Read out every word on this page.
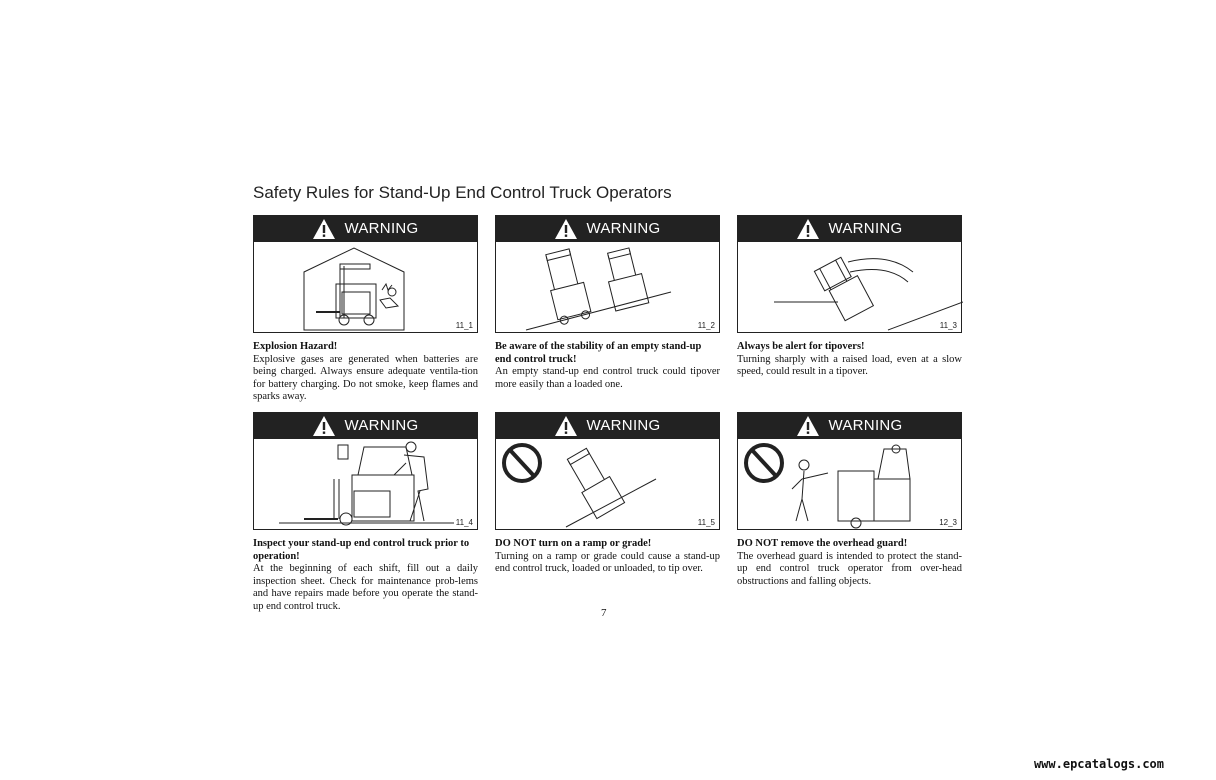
Safety Rules for Stand-Up End Control Truck Operators
WARNING
11_1
Explosion Hazard!
Explosive gases are generated when batteries are being charged. Always ensure adequate ventila-tion for battery charging. Do not smoke, keep flames and sparks away.
WARNING
11_2
Be aware of the stability of an empty stand-up end control truck!
An empty stand-up end control truck could tipover more easily than a loaded one.
WARNING
11_3
Always be alert for tipovers!
Turning sharply with a raised load, even at a slow speed, could result in a tipover.
WARNING
11_4
Inspect your stand-up end control truck prior to operation!
At the beginning of each shift, fill out a daily inspection sheet. Check for maintenance prob-lems and have repairs made before you operate the stand-up end control truck.
WARNING
11_5
DO NOT turn on a ramp or grade!
Turning on a ramp or grade could cause a stand-up end control truck, loaded or unloaded, to tip over.
WARNING
12_3
DO NOT remove the overhead guard!
The overhead guard is intended to protect the stand-up end control truck operator from over-head obstructions and falling objects.
7
www.epcatalogs.com
